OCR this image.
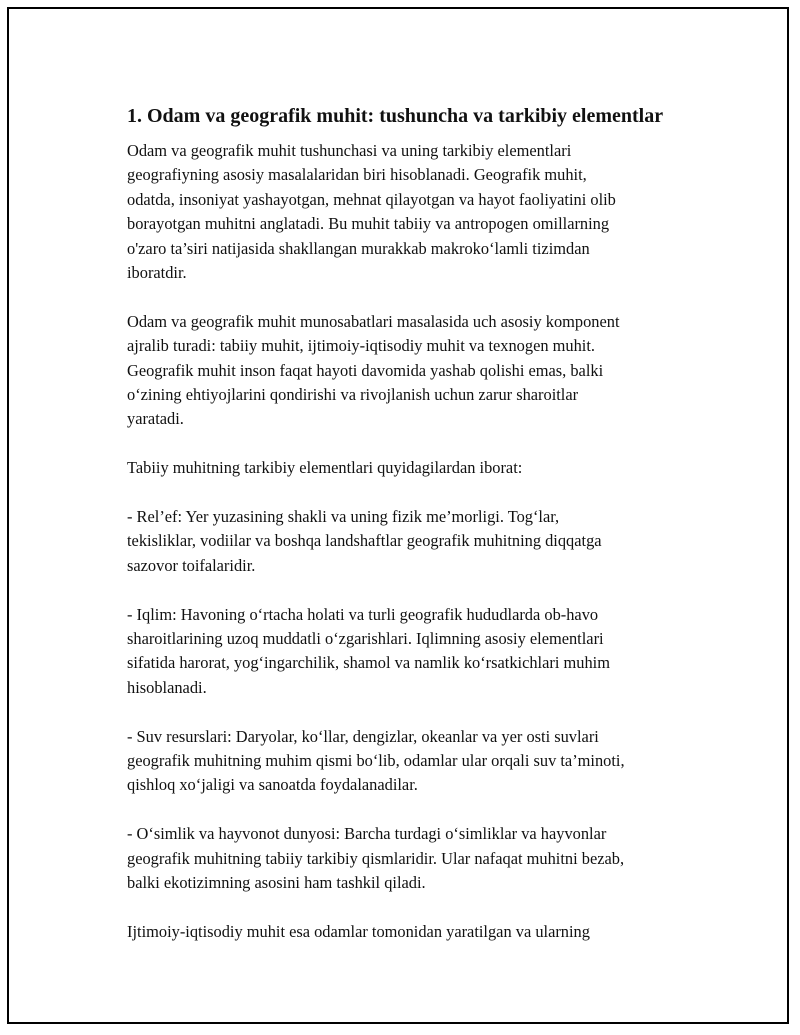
1. Odam va geografik muhit: tushuncha va tarkibiy elementlar
Odam va geografik muhit tushunchasi va uning tarkibiy elementlari
geografiyning asosiy masalalaridan biri hisoblanadi. Geografik muhit,
odatda, insoniyat yashayotgan, mehnat qilayotgan va hayot faoliyatini olib
borayotgan muhitni anglatadi. Bu muhit tabiiy va antropogen omillarning
o'zaro ta’siri natijasida shakllangan murakkab makroko‘lamli tizimdan
iboratdir.
Odam va geografik muhit munosabatlari masalasida uch asosiy komponent
ajralib turadi: tabiiy muhit, ijtimoiy-iqtisodiy muhit va texnogen muhit.
Geografik muhit inson faqat hayoti davomida yashab qolishi emas, balki
o‘zining ehtiyojlarini qondirishi va rivojlanish uchun zarur sharoitlar
yaratadi.
Tabiiy muhitning tarkibiy elementlari quyidagilardan iborat:
- Rel’ef: Yer yuzasining shakli va uning fizik me’morligi. Tog‘lar,
tekisliklar, vodiilar va boshqa landshaftlar geografik muhitning diqqatga
sazovor toifalaridir.
- Iqlim: Havoning o‘rtacha holati va turli geografik hududlarda ob-havo
sharoitlarining uzoq muddatli o‘zgarishlari. Iqlimning asosiy elementlari
sifatida harorat, yog‘ingarchilik, shamol va namlik ko‘rsatkichlari muhim
hisoblanadi.
- Suv resurslari: Daryolar, ko‘llar, dengizlar, okeanlar va yer osti suvlari
geografik muhitning muhim qismi bo‘lib, odamlar ular orqali suv ta’minoti,
qishloq xo‘jaligi va sanoatda foydalanadilar.
- O‘simlik va hayvonot dunyosi: Barcha turdagi o‘simliklar va hayvonlar
geografik muhitning tabiiy tarkibiy qismlaridir. Ular nafaqat muhitni bezab,
balki ekotizimning asosini ham tashkil qiladi.
Ijtimoiy-iqtisodiy muhit esa odamlar tomonidan yaratilgan va ularning
